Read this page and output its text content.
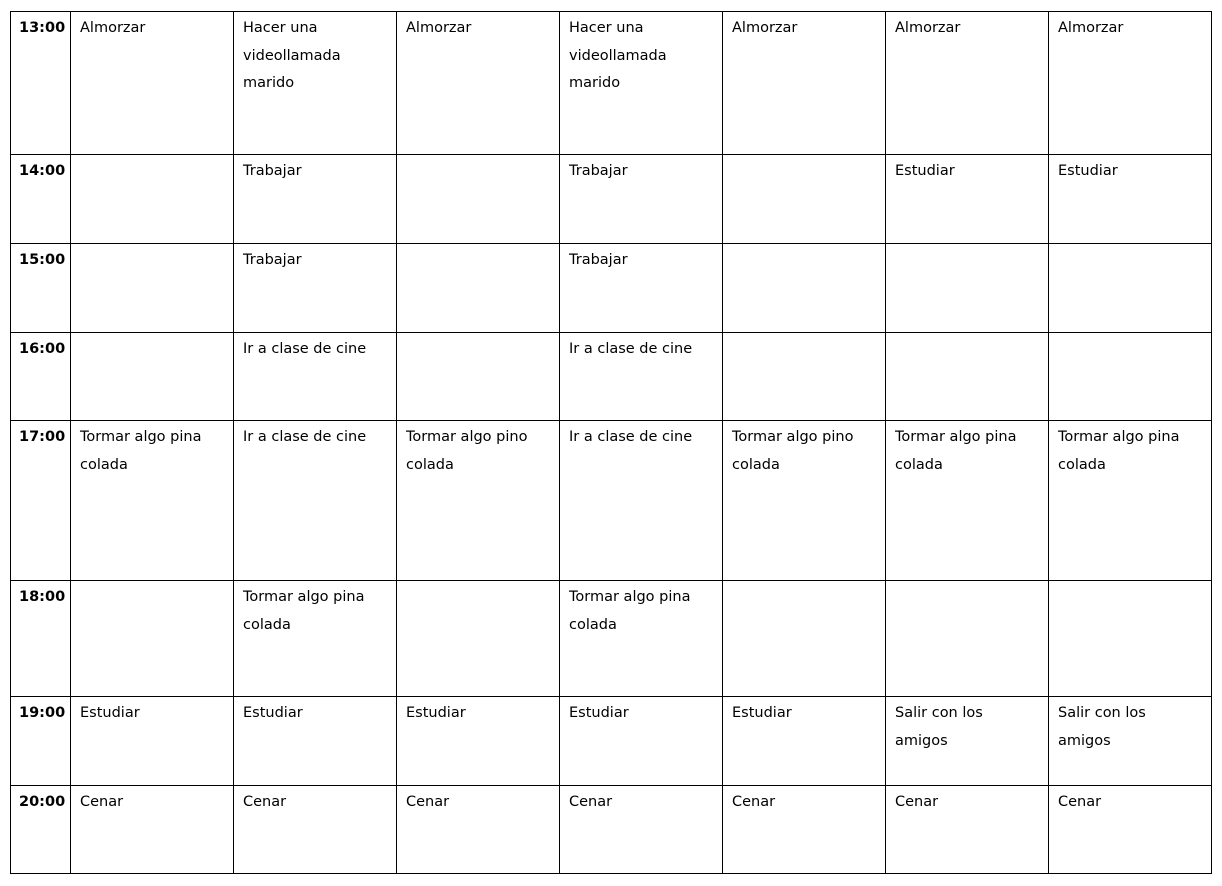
13:00	Almorzar	Hacer una videollamada marido	Almorzar	Hacer una videollamada marido	Almorzar	Almorzar	Almorzar
14:00		Trabajar		Trabajar		Estudiar	Estudiar
15:00		Trabajar		Trabajar			
16:00		Ir a clase de cine		Ir a clase de cine			
17:00	Tormar algo pina colada	Ir a clase de cine	Tormar algo pino colada	Ir a clase de cine	Tormar algo pino colada	Tormar algo pina colada	Tormar algo pina colada
18:00		Tormar algo pina colada		Tormar algo pina colada			
19:00	Estudiar	Estudiar	Estudiar	Estudiar	Estudiar	Salir con los amigos	Salir con los amigos
20:00	Cenar	Cenar	Cenar	Cenar	Cenar	Cenar	Cenar
